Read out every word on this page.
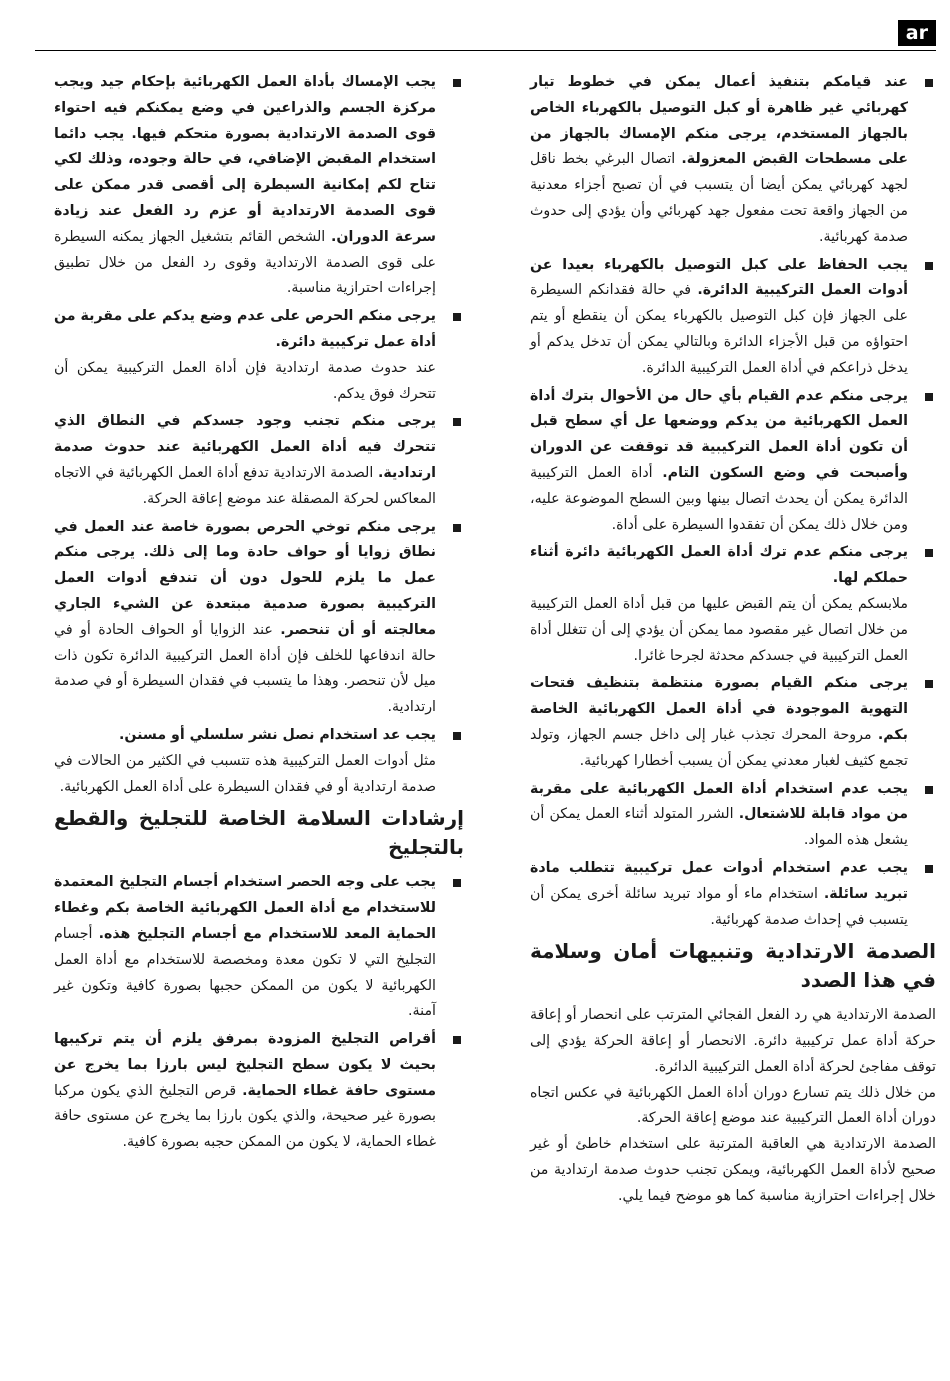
ar
عند قيامكم بتنفيذ أعمال يمكن في خطوط تيار كهربائي غير ظاهرة أو كبل التوصيل بالكهرباء الخاص بالجهاز المستخدم، يرجى منكم الإمساك بالجهاز من على مسطحات القبض المعزولة. اتصال البرغي بخط ناقل لجهد كهربائي يمكن أيضا أن يتسبب في أن تصبح أجزاء معدنية من الجهاز واقعة تحت مفعول جهد كهربائي وأن يؤدي إلى حدوث صدمة كهربائية.
يجب الحفاظ على كبل التوصيل بالكهرباء بعيدا عن أدوات العمل التركيبية الدائرة. في حالة فقدانكم السيطرة على الجهاز فإن كبل التوصيل بالكهرباء يمكن أن ينقطع أو يتم احتواؤه من قبل الأجزاء الدائرة وبالتالي يمكن أن تدخل يدكم أو يدخل ذراعكم في أداة العمل التركيبية الدائرة.
يرجى منكم عدم القيام بأي حال من الأحوال بترك أداة العمل الكهربائية من يدكم ووضعها عل أي سطح قبل أن تكون أداة العمل التركيبية قد توقفت عن الدوران وأصبحت في وضع السكون التام. أداة العمل التركيبية الدائرة يمكن أن يحدث اتصال بينها وبين السطح الموضوعة عليه، ومن خلال ذلك يمكن أن تفقدوا السيطرة على أداة.
يرجى منكم عدم ترك أداة العمل الكهربائية دائرة أثناء حملكم لها.
ملابسكم يمكن أن يتم القبض عليها من قبل أداة العمل التركيبية من خلال اتصال غير مقصود مما يمكن أن يؤدي إلى أن تتغلل أداة العمل التركيبية في جسدكم محدثة لجرحا غائرا.
يرجى منكم القيام بصورة منتظمة بتنظيف فتحات التهوية الموجودة في أداة العمل الكهربائية الخاصة بكم. مروحة المحرك تجذب غبار إلى داخل جسم الجهاز، وتولد تجمع كثيف لغبار معدني يمكن أن يسبب أخطارا كهربائية.
يجب عدم استخدام أداة العمل الكهربائية على مقربة من مواد قابلة للاشتعال. الشرر المتولد أثناء العمل يمكن أن يشعل هذه المواد.
يجب عدم استخدام أدوات عمل تركيبية تتطلب مادة تبريد سائلة. استخدام ماء أو مواد تبريد سائلة أخرى يمكن أن يتسبب في إحداث صدمة كهربائية.
الصدمة الارتدادية وتنبيهات أمان وسلامة في هذا الصدد

الصدمة الارتدادية هي رد الفعل الفجائي المترتب على انحصار أو إعاقة حركة أداة عمل تركيبية دائرة. الانحصار أو إعاقة الحركة يؤدي إلى توقف مفاجئ لحركة أداة العمل التركيبية الدائرة.

من خلال ذلك يتم تسارع دوران أداة العمل الكهربائية في عكس اتجاه دوران أداة العمل التركيبية عند موضع إعاقة الحركة.

الصدمة الارتدادية هي العاقبة المترتبة على استخدام خاطئ أو غير صحيح لأداة العمل الكهربائية، ويمكن تجنب حدوث صدمة ارتدادية من خلال إجراءات احترازية مناسبة كما هو موضح فيما يلي.

يجب الإمساك بأداة العمل الكهربائية بإحكام جيد ويجب مركزة الجسم والذراعين في وضع يمكنكم فيه احتواء قوى الصدمة الارتدادية بصورة متحكم فيها. يجب دائما استخدام المقبض الإضافي، في حالة وجوده، وذلك لكي تتاح لكم إمكانية السيطرة إلى أقصى قدر ممكن على قوى الصدمة الارتدادية أو عزم رد الفعل عند زيادة سرعة الدوران. الشخص القائم بتشغيل الجهاز يمكنه السيطرة على قوى الصدمة الارتدادية وقوى رد الفعل من خلال تطبيق إجراءات احترازية مناسبة.
يرجى منكم الحرص على عدم وضع يدكم على مقربة من أداة عمل تركيبية دائرة.
عند حدوث صدمة ارتدادية فإن أداة العمل التركيبية يمكن أن تتحرك فوق يدكم.
يرجى منكم تجنب وجود جسدكم في النطاق الذي تتحرك فيه أداة العمل الكهربائية عند حدوث صدمة ارتدادية. الصدمة الارتدادية تدفع أداة العمل الكهربائية في الاتجاه المعاكس لحركة المصقلة عند موضع إعاقة الحركة.
يرجى منكم توخي الحرص بصورة خاصة عند العمل في نطاق زوايا أو حواف حادة وما إلى ذلك. يرجى منكم عمل ما يلزم للحول دون أن تندفع أدوات العمل التركيبية بصورة صدمية مبتعدة عن الشيء الجاري معالجته أو أن تنحصر. عند الزوايا أو الحواف الحادة أو في حالة اندفاعها للخلف فإن أداة العمل التركيبية الدائرة تكون ذات ميل لأن تنحصر. وهذا ما يتسبب في فقدان السيطرة أو في صدمة ارتدادية.
يجب عد استخدام نصل نشر سلسلي أو مسنن.
مثل أدوات العمل التركيبية هذه تتسبب في الكثير من الحالات في صدمة ارتدادية أو في فقدان السيطرة على أداة العمل الكهربائية.
إرشادات السلامة الخاصة للتجليخ والقطع بالتجليخ
يجب على وجه الحصر استخدام أجسام التجليخ المعتمدة للاستخدام مع أداة العمل الكهربائية الخاصة بكم وغطاء الحماية المعد للاستخدام مع أجسام التجليخ هذه. أجسام التجليخ التي لا تكون معدة ومخصصة للاستخدام مع أداة العمل الكهربائية لا يكون من الممكن حجبها بصورة كافية وتكون غير آمنة.
أقراص التجليخ المزودة بمرفق يلزم أن يتم تركيبها بحيث لا يكون سطح التجليخ ليس بارزا بما يخرج عن مستوى حافة غطاء الحماية. قرص التجليخ الذي يكون مركبا بصورة غير صحيحة، والذي يكون بارزا بما يخرج عن مستوى حافة غطاء الحماية، لا يكون من الممكن حجبه بصورة كافية.
